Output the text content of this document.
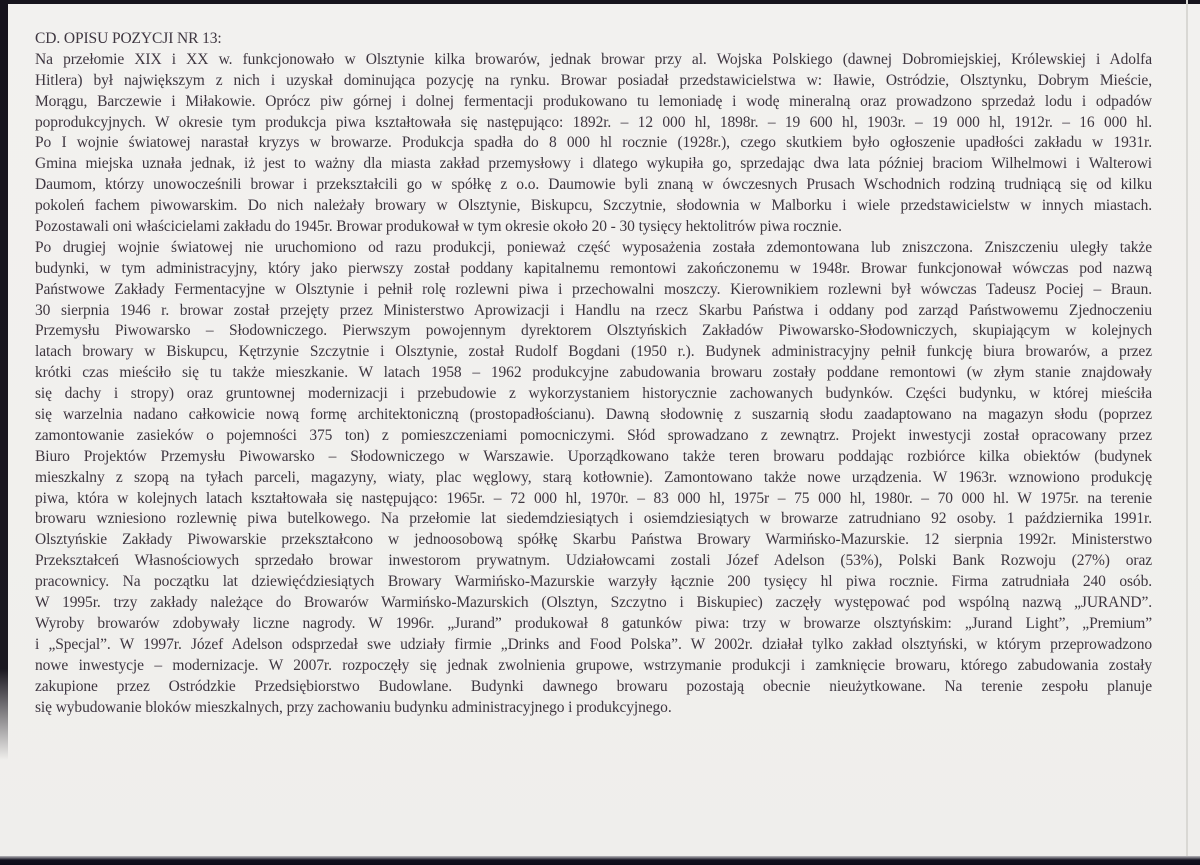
CD. OPISU POZYCJI NR 13:
Na przełomie XIX i XX w. funkcjonowało w Olsztynie kilka browarów, jednak browar przy al. Wojska Polskiego (dawnej Dobromiejskiej, Królewskiej i Adolfa
Hitlera) był największym z nich i uzyskał dominująca pozycję na rynku. Browar posiadał przedstawicielstwa w: Iławie, Ostródzie, Olsztynku, Dobrym Mieście,
Morągu, Barczewie i Miłakowie. Oprócz piw górnej i dolnej fermentacji produkowano tu lemoniadę i wodę mineralną oraz prowadzono sprzedaż lodu i odpadów
poprodukcyjnych. W okresie tym produkcja piwa kształtowała się następująco: 1892r. – 12 000 hl, 1898r. – 19 600 hl, 1903r. – 19 000 hl, 1912r. – 16 000 hl.
Po I wojnie światowej narastał kryzys w browarze. Produkcja spadła do 8 000 hl rocznie (1928r.), czego skutkiem było ogłoszenie upadłości zakładu w 1931r.
Gmina miejska uznała jednak, iż jest to ważny dla miasta zakład przemysłowy i dlatego wykupiła go, sprzedając dwa lata później braciom Wilhelmowi i Walterowi
Daumom, którzy unowocześnili browar i przekształcili go w spółkę z o.o. Daumowie byli znaną w ówczesnych Prusach Wschodnich rodziną trudniącą się od kilku
pokoleń fachem piwowarskim. Do nich należały browary w Olsztynie, Biskupcu, Szczytnie, słodownia w Malborku i wiele przedstawicielstw w innych miastach.
Pozostawali oni właścicielami zakładu do 1945r. Browar produkował w tym okresie około 20 - 30 tysięcy hektolitrów piwa rocznie.
Po drugiej wojnie światowej nie uruchomiono od razu produkcji, ponieważ część wyposażenia została zdemontowana lub zniszczona. Zniszczeniu uległy także
budynki, w tym administracyjny, który jako pierwszy został poddany kapitalnemu remontowi zakończonemu w 1948r. Browar funkcjonował wówczas pod nazwą
Państwowe Zakłady Fermentacyjne w Olsztynie i pełnił rolę rozlewni piwa i przechowalni moszczy. Kierownikiem rozlewni był wówczas Tadeusz Pociej – Braun.
30 sierpnia 1946 r. browar został przejęty przez Ministerstwo Aprowizacji i Handlu na rzecz Skarbu Państwa i oddany pod zarząd Państwowemu Zjednoczeniu
Przemysłu Piwowarsko – Słodowniczego. Pierwszym powojennym dyrektorem Olsztyńskich Zakładów Piwowarsko-Słodowniczych, skupiającym w kolejnych
latach browary w Biskupcu, Kętrzynie Szczytnie i Olsztynie, został Rudolf Bogdani (1950 r.). Budynek administracyjny pełnił funkcję biura browarów, a przez
krótki czas mieściło się tu także mieszkanie. W latach 1958 – 1962 produkcyjne zabudowania browaru zostały poddane remontowi (w złym stanie znajdowały
się dachy i stropy) oraz gruntownej modernizacji i przebudowie z wykorzystaniem historycznie zachowanych budynków. Części budynku, w której mieściła
się warzelnia nadano całkowicie nową formę architektoniczną (prostopadłościanu). Dawną słodownię z suszarnią słodu zaadaptowano na magazyn słodu (poprzez
zamontowanie zasieków o pojemności 375 ton) z pomieszczeniami pomocniczymi. Słód sprowadzano z zewnątrz. Projekt inwestycji został opracowany przez
Biuro Projektów Przemysłu Piwowarsko – Słodowniczego w Warszawie. Uporządkowano także teren browaru poddając rozbiórce kilka obiektów (budynek
mieszkalny z szopą na tyłach parceli, magazyny, wiaty, plac węglowy, starą kotłownie). Zamontowano także nowe urządzenia. W 1963r. wznowiono produkcję
piwa, która w kolejnych latach kształtowała się następująco: 1965r. – 72 000 hl, 1970r. – 83 000 hl, 1975r – 75 000 hl, 1980r. – 70 000 hl. W 1975r. na terenie
browaru wzniesiono rozlewnię piwa butelkowego. Na przełomie lat siedemdziesiątych i osiemdziesiątych w browarze zatrudniano 92 osoby. 1 października 1991r.
Olsztyńskie Zakłady Piwowarskie przekształcono w jednoosobową spółkę Skarbu Państwa Browary Warmińsko-Mazurskie. 12 sierpnia 1992r. Ministerstwo
Przekształceń Własnościowych sprzedało browar inwestorom prywatnym. Udziałowcami zostali Józef Adelson (53%), Polski Bank Rozwoju (27%) oraz
pracownicy. Na początku lat dziewięćdziesiątych Browary Warmińsko-Mazurskie warzyły łącznie 200 tysięcy hl piwa rocznie. Firma zatrudniała 240 osób.
W 1995r. trzy zakłady należące do Browarów Warmińsko-Mazurskich (Olsztyn, Szczytno i Biskupiec) zaczęły występować pod wspólną nazwą „JURAND”.
Wyroby browarów zdobywały liczne nagrody. W 1996r. „Jurand” produkował 8 gatunków piwa: trzy w browarze olsztyńskim: „Jurand Light”, „Premium”
i „Specjal”. W 1997r. Józef Adelson odsprzedał swe udziały firmie „Drinks and Food Polska”. W 2002r. działał tylko zakład olsztyński, w którym przeprowadzono
nowe inwestycje – modernizacje. W 2007r. rozpoczęły się jednak zwolnienia grupowe, wstrzymanie produkcji i zamknięcie browaru, którego zabudowania zostały
zakupione przez Ostródzkie Przedsiębiorstwo Budowlane. Budynki dawnego browaru pozostają obecnie nieużytkowane. Na terenie zespołu planuje
się wybudowanie bloków mieszkalnych, przy zachowaniu budynku administracyjnego i produkcyjnego.
